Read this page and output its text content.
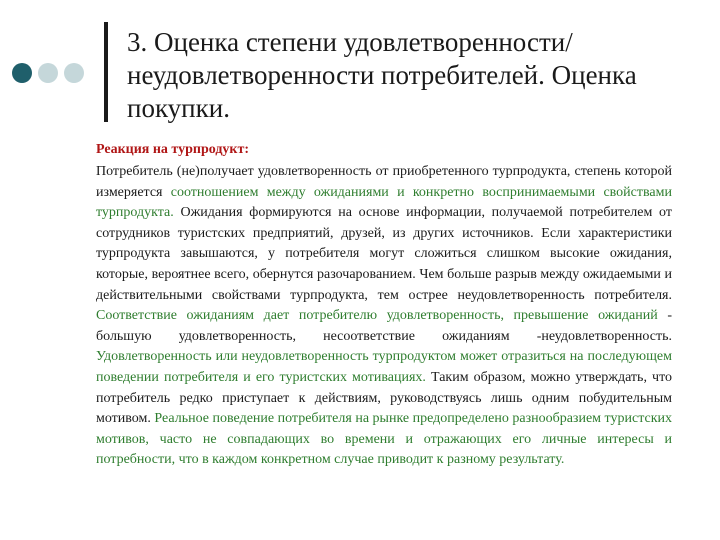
3. Оценка степени удовлетворенности/неудовлетворенности потребителей. Оценка покупки.

Реакция на турпродукт:

Потребитель (не)получает удовлетворенность от приобретенного турпродукта, степень которой измеряется соотношением между ожиданиями и конкретно воспринимаемыми свойствами турпродукта. Ожидания формируются на основе информации, получаемой потребителем от сотрудников туристских предприятий, друзей, из других источников. Если характеристики турпродукта завышаются, у потребителя могут сложиться слишком высокие ожидания, которые, вероятнее всего, обернутся разочарованием. Чем больше разрыв между ожидаемыми и действительными свойствами турпродукта, тем острее неудовлетворенность потребителя. Соответствие ожиданиям дает потребителю удовлетворенность, превышение ожиданий - большую удовлетворенность, несоответствие ожиданиям -неудовлетворенность. Удовлетворенность или неудовлетворенность турпродуктом может отразиться на последующем поведении потребителя и его туристских мотивациях. Таким образом, можно утверждать, что потребитель редко приступает к действиям, руководствуясь лишь одним побудительным мотивом. Реальное поведение потребителя на рынке предопределено разнообразием туристских мотивов, часто не совпадающих во времени и отражающих его личные интересы и потребности, что в каждом конкретном случае приводит к разному результату.
